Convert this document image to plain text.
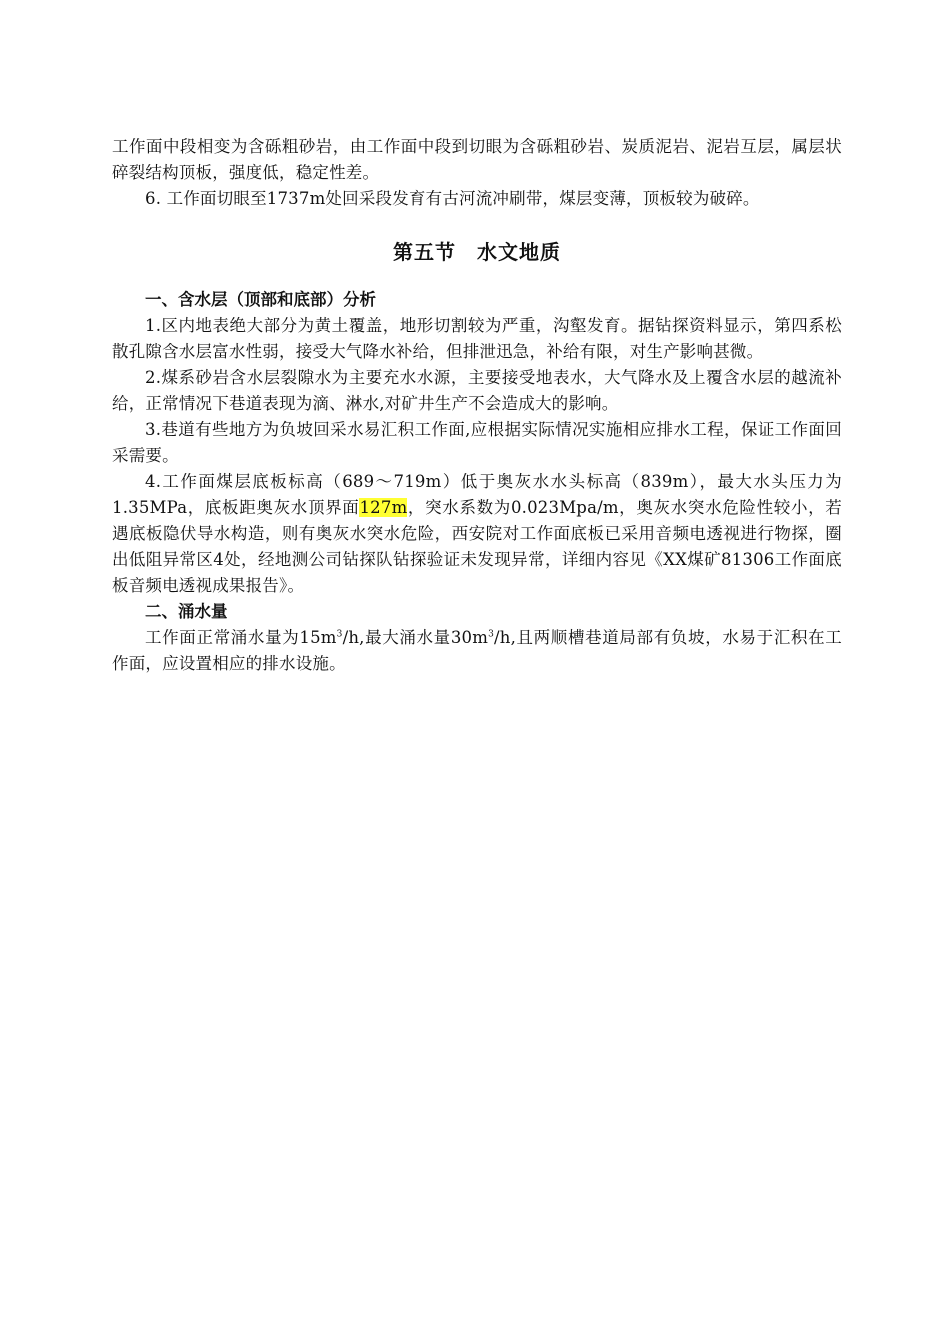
工作面中段相变为含砾粗砂岩，由工作面中段到切眼为含砾粗砂岩、炭质泥岩、泥岩互层，属层状碎裂结构顶板，强度低，稳定性差。

6. 工作面切眼至1737m处回采段发育有古河流冲刷带，煤层变薄，顶板较为破碎。

第五节　水文地质

一、含水层（顶部和底部）分析

1.区内地表绝大部分为黄土覆盖，地形切割较为严重，沟壑发育。据钻探资料显示，第四系松散孔隙含水层富水性弱，接受大气降水补给，但排泄迅急，补给有限，对生产影响甚微。

2.煤系砂岩含水层裂隙水为主要充水水源，主要接受地表水，大气降水及上覆含水层的越流补给，正常情况下巷道表现为滴、淋水,对矿井生产不会造成大的影响。

3.巷道有些地方为负坡回采水易汇积工作面,应根据实际情况实施相应排水工程，保证工作面回采需要。

4.工作面煤层底板标高（689～719m）低于奥灰水水头标高（839m），最大水头压力为1.35MPa，底板距奥灰水顶界面127m，突水系数为0.023Mpa/m，奥灰水突水危险性较小，若遇底板隐伏导水构造，则有奥灰水突水危险，西安院对工作面底板已采用音频电透视进行物探，圈出低阻异常区4处，经地测公司钻探队钻探验证未发现异常，详细内容见《XX煤矿81306工作面底板音频电透视成果报告》。

二、涌水量

工作面正常涌水量为$15m^3/h$,最大涌水量$30m^3/h$,且两顺槽巷道局部有负坡，水易于汇积在工作面，应设置相应的排水设施。
